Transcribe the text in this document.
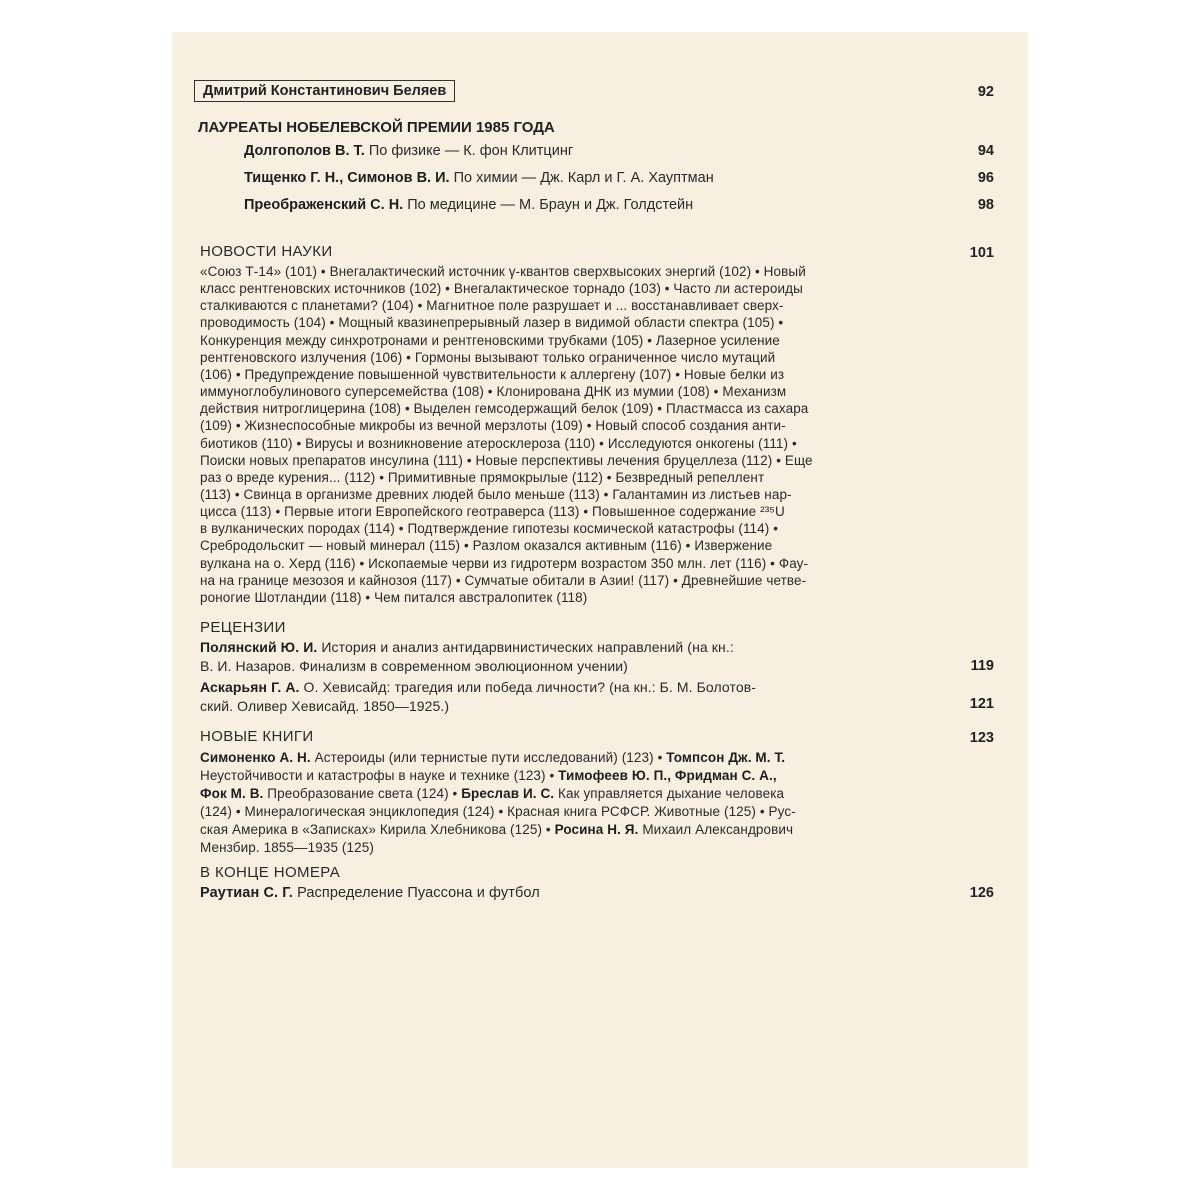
Дмитрий Константинович Беляев	92
ЛАУРЕАТЫ НОБЕЛЕВСКОЙ ПРЕМИИ 1985 ГОДА
Долгополов В. Т. По физике — К. фон Клитцинг	94
Тищенко Г. Н., Симонов В. И. По химии — Дж. Карл и Г. А. Хауптман	96
Преображенский С. Н. По медицине — М. Браун и Дж. Голдстейн	98
НОВОСТИ НАУКИ	101
«Союз Т-14» (101) • Внегалактический источник γ-квантов сверхвысоких энергий (102) • Новый
класс рентгеновских источников (102) • Внегалактическое торнадо (103) • Часто ли астероиды
сталкиваются с планетами? (104) • Магнитное поле разрушает и ... восстанавливает сверх-
проводимость (104) • Мощный квазинепрерывный лазер в видимой области спектра (105) •
Конкуренция между синхротронами и рентгеновскими трубками (105) • Лазерное усиление
рентгеновского излучения (106) • Гормоны вызывают только ограниченное число мутаций
(106) • Предупреждение повышенной чувствительности к аллергену (107) • Новые белки из
иммуноглобулинового суперсемейства (108) • Клонирована ДНК из мумии (108) • Механизм
действия нитроглицерина (108) • Выделен гемсодержащий белок (109) • Пластмасса из сахара
(109) • Жизнеспособные микробы из вечной мерзлоты (109) • Новый способ создания анти-
биотиков (110) • Вирусы и возникновение атеросклероза (110) • Исследуются онкогены (111) •
Поиски новых препаратов инсулина (111) • Новые перспективы лечения бруцеллеза (112) • Еще
раз о вреде курения... (112) • Примитивные прямокрылые (112) • Безвредный репеллент
(113) • Свинца в организме древних людей было меньше (113) • Галантамин из листьев нар-
цисса (113) • Первые итоги Европейского геотраверса (113) • Повышенное содержание ²³⁵U
в вулканических породах (114) • Подтверждение гипотезы космической катастрофы (114) •
Сребродольскит — новый минерал (115) • Разлом оказался активным (116) • Извержение
вулкана на о. Херд (116) • Ископаемые черви из гидротерм возрастом 350 млн. лет (116) • Фау-
на на границе мезозоя и кайнозоя (117) • Сумчатые обитали в Азии! (117) • Древнейшие четве-
роногие Шотландии (118) • Чем питался австралопитек (118)
РЕЦЕНЗИИ
Полянский Ю. И. История и анализ антидарвинистических направлений (на кн.:
В. И. Назаров. Финализм в современном эволюционном учении)	119
Аскарьян Г. А. О. Хевисайд: трагедия или победа личности? (на кн.: Б. М. Болотов-
ский. Оливер Хевисайд. 1850—1925.)	121
НОВЫЕ КНИГИ	123
Симоненко А. Н. Астероиды (или тернистые пути исследований) (123) • Томпсон Дж. М. Т.
Неустойчивости и катастрофы в науке и технике (123) • Тимофеев Ю. П., Фридман С. А.,
Фок М. В. Преобразование света (124) • Бреслав И. С. Как управляется дыхание человека
(124) • Минералогическая энциклопедия (124) • Красная книга РСФСР. Животные (125) • Рус-
ская Америка в «Записках» Кирила Хлебникова (125) • Росина Н. Я. Михаил Александрович
Мензбир. 1855—1935 (125)
В КОНЦЕ НОМЕРА
Раутиан С. Г. Распределение Пуассона и футбол	126
